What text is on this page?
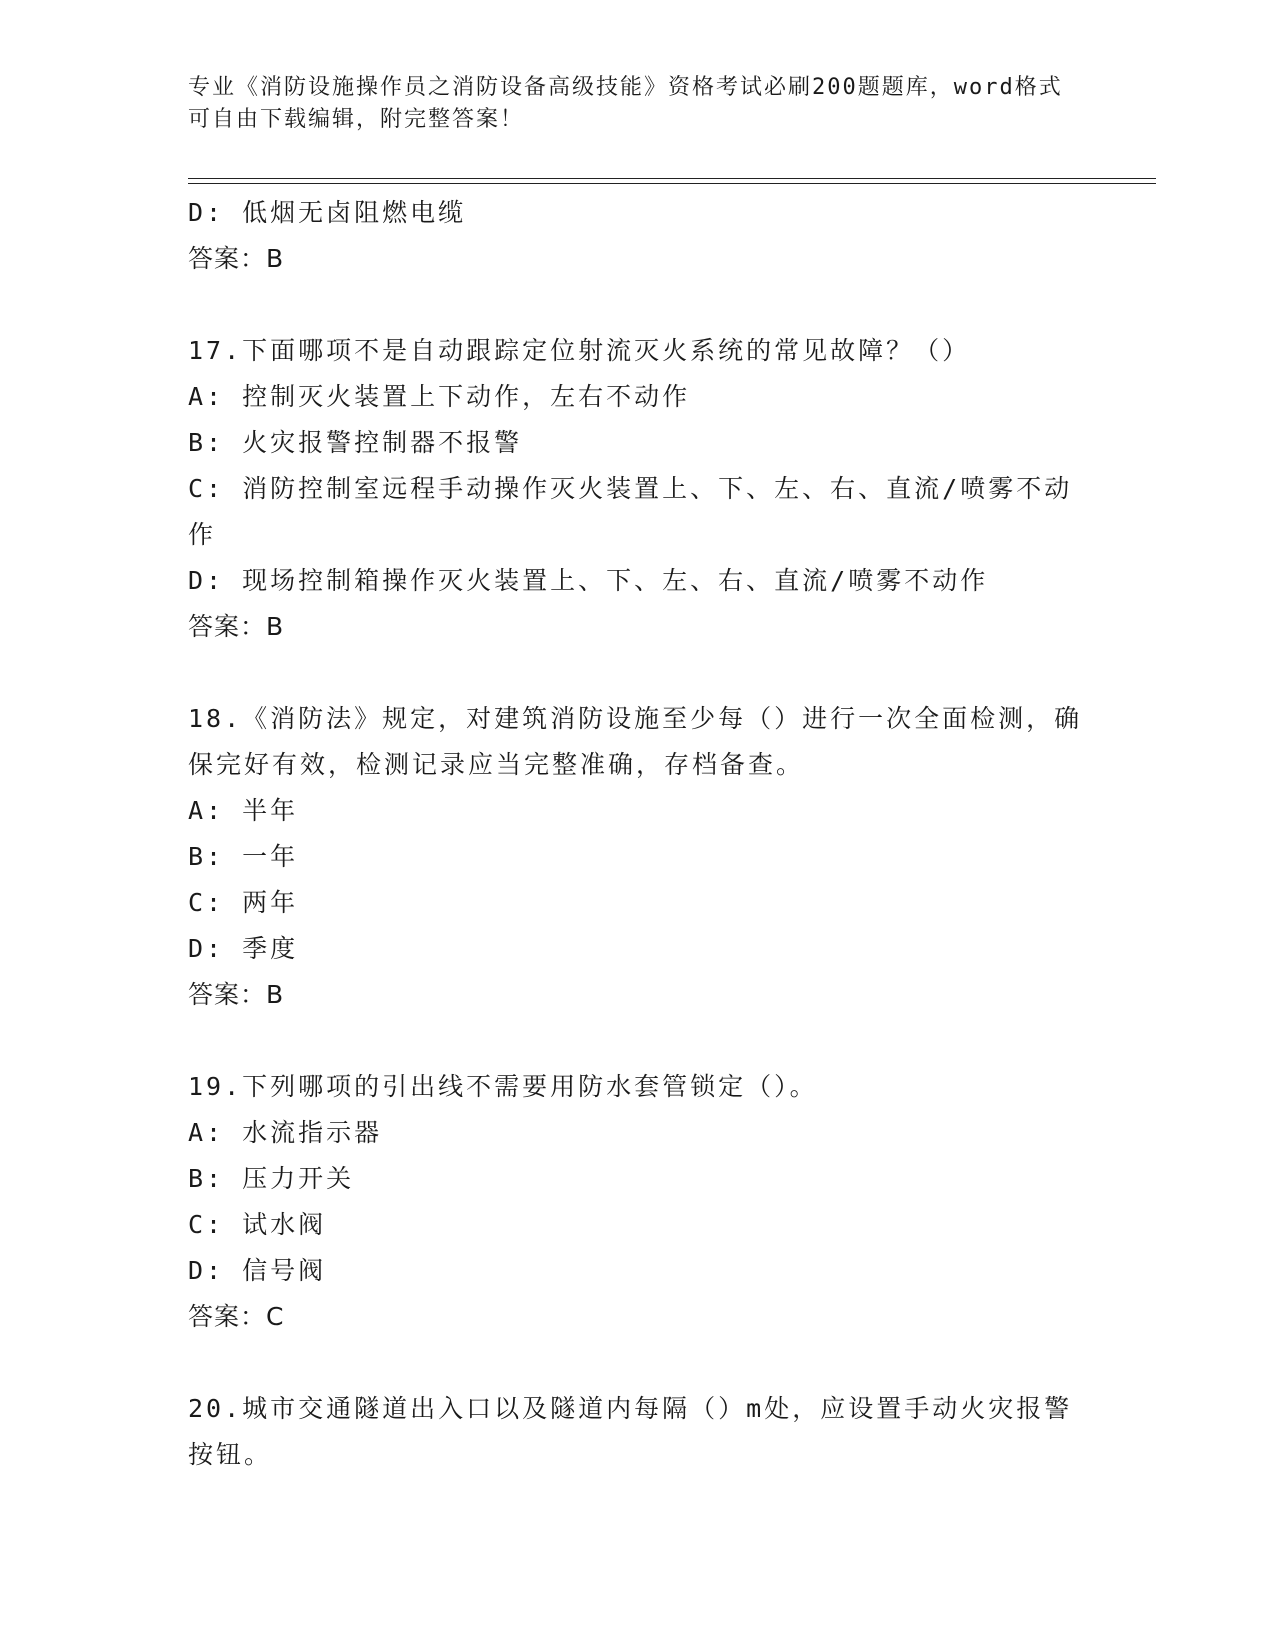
专业《消防设施操作员之消防设备高级技能》资格考试必刷200题题库，word格式可自由下载编辑，附完整答案！
D: 低烟无卤阻燃电缆
答案：B
17.下面哪项不是自动跟踪定位射流灭火系统的常见故障？（）
A: 控制灭火装置上下动作，左右不动作
B: 火灾报警控制器不报警
C: 消防控制室远程手动操作灭火装置上、下、左、右、直流/喷雾不动作
D: 现场控制箱操作灭火装置上、下、左、右、直流/喷雾不动作
答案：B
18.《消防法》规定，对建筑消防设施至少每（）进行一次全面检测，确保完好有效，检测记录应当完整准确，存档备查。
A: 半年
B: 一年
C: 两年
D: 季度
答案：B
19.下列哪项的引出线不需要用防水套管锁定（）。
A: 水流指示器
B: 压力开关
C: 试水阀
D: 信号阀
答案：C
20.城市交通隧道出入口以及隧道内每隔（）m处，应设置手动火灾报警按钮。
